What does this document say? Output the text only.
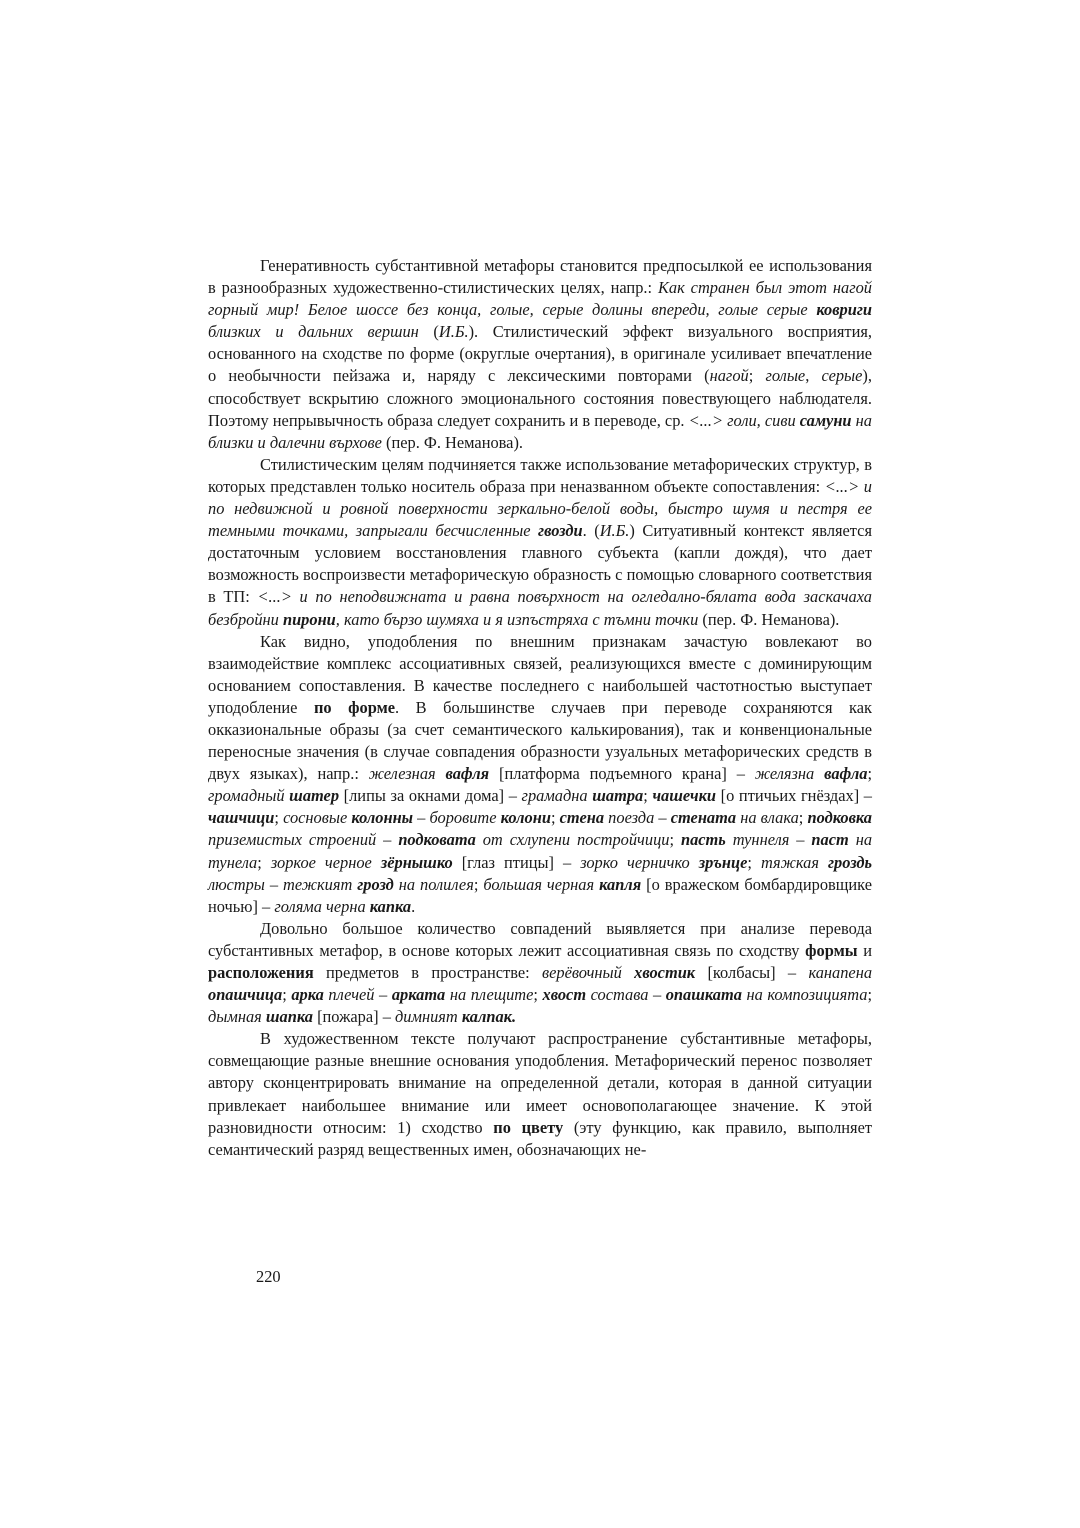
Генеративность субстантивной метафоры становится предпосылкой ее использования в разнообразных художественно-стилистических целях, напр.: Как странен был этот нагой горный мир! Белое шоссе без конца, голые, серые долины впереди, голые серые ковриги близких и дальних вершин (И.Б.). Стилистический эффект визуального восприятия, основанного на сходстве по форме (округлые очертания), в оригинале усиливает впечатление о необычности пейзажа и, наряду с лексическими повторами (нагой; голые, серые), способствует вскрытию сложного эмоционального состояния повествующего наблюдателя. Поэтому непрывычность образа следует сохранить и в переводе, ср. <...> голи, сиви самуни на близки и далечни върхове (пер. Ф. Неманова).

Стилистическим целям подчиняется также использование метафорических структур, в которых представлен только носитель образа при неназванном объекте сопоставления: <...> и по недвижной и ровной поверхности зеркально-белой воды, быстро шумя и пестря ее темными точками, запрыгали бесчисленные гвозди. (И.Б.) Ситуативный контекст является достаточным условием восстановления главного субъекта (капли дождя), что дает возможность воспроизвести метафорическую образность с помощью словарного соответствия в ТП: <...> и по неподвижната и равна повърхност на огледално-бялата вода заскачаха безбройни пирони, като бързо шумяха и я изпъстряха с тъмни точки (пер. Ф. Неманова).

Как видно, уподобления по внешним признакам зачастую вовлекают во взаимодействие комплекс ассоциативных связей, реализующихся вместе с доминирующим основанием сопоставления. В качестве последнего с наибольшей частотностью выступает уподобление по форме. В большинстве случаев при переводе сохраняются как окказиональные образы (за счет семантического калькирования), так и конвенциональные переносные значения (в случае совпадения образности узуальных метафорических средств в двух языках), напр.: железная вафля [платформа подъемного крана] – желязна вафла; громадный шатер [липы за окнами дома] – грамадна шатра; чашечки [о птичьих гнёздах] – чашчици; сосновые колонны – боровите колони; стена поезда – стената на влака; подковка приземистых строений – подковата от схлупени постройчици; пасть туннеля – паст на тунела; зоркое черное зёрнышко [глаз птицы] – зорко черничко зрънце; тяжкая гроздь люстры – тежкият грозд на полилея; большая черная капля [о вражеском бомбардировщике ночью] – голяма черна капка.

Довольно большое количество совпадений выявляется при анализе перевода субстантивных метафор, в основе которых лежит ассоциативная связь по сходству формы и расположения предметов в пространстве: верёвочный хвостик [колбасы] – канапена опашчица; арка плечей – арката на плещите; хвост состава – опашката на композицията; дымная шапка [пожара] – димният калпак.

В художественном тексте получают распространение субстантивные метафоры, совмещающие разные внешние основания уподобления. Метафорический перенос позволяет автору сконцентрировать внимание на определенной детали, которая в данной ситуации привлекает наибольшее внимание или имеет основополагающее значение. К этой разновидности относим: 1) сходство по цвету (эту функцию, как правило, выполняет семантический разряд вещественных имен, обозначающих не-

220
